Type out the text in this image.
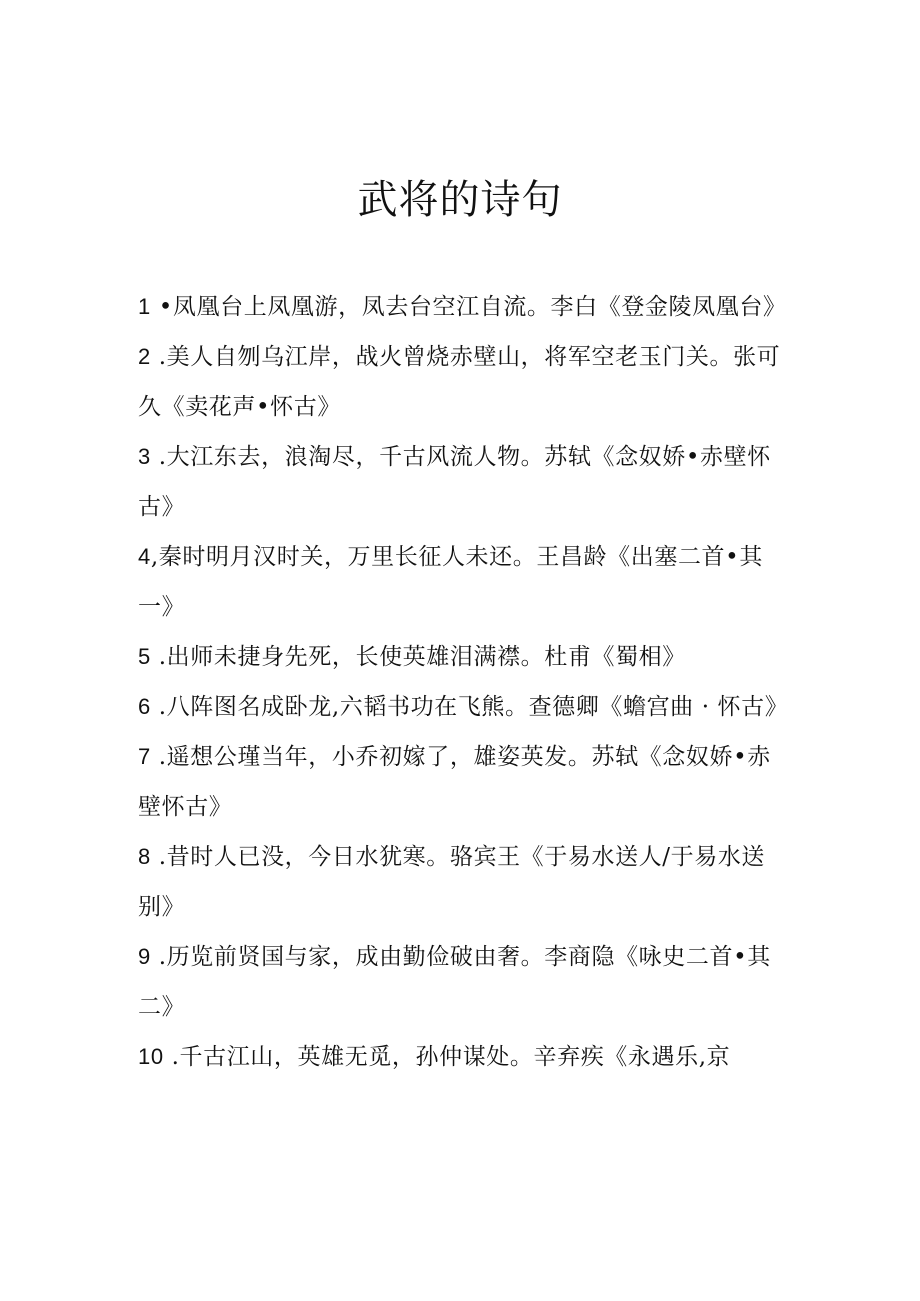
武将的诗句
1 •凤凰台上凤凰游，凤去台空江自流。李白《登金陵凤凰台》
2 .美人自刎乌江岸，战火曾烧赤壁山，将军空老玉门关。张可久《卖花声•怀古》
3 .大江东去，浪淘尽，千古风流人物。苏轼《念奴娇•赤壁怀古》
4,秦时明月汉时关，万里长征人未还。王昌龄《出塞二首•其一》
5 .出师未捷身先死，长使英雄泪满襟。杜甫《蜀相》
6 .八阵图名成卧龙,六韬书功在飞熊。查德卿《蟾宫曲 · 怀古》
7 .遥想公瑾当年，小乔初嫁了，雄姿英发。苏轼《念奴娇•赤壁怀古》
8 .昔时人已没，今日水犹寒。骆宾王《于易水送人/于易水送别》
9 .历览前贤国与家，成由勤俭破由奢。李商隐《咏史二首•其二》
10 .千古江山，英雄无觅，孙仲谋处。辛弃疾《永遇乐,京
